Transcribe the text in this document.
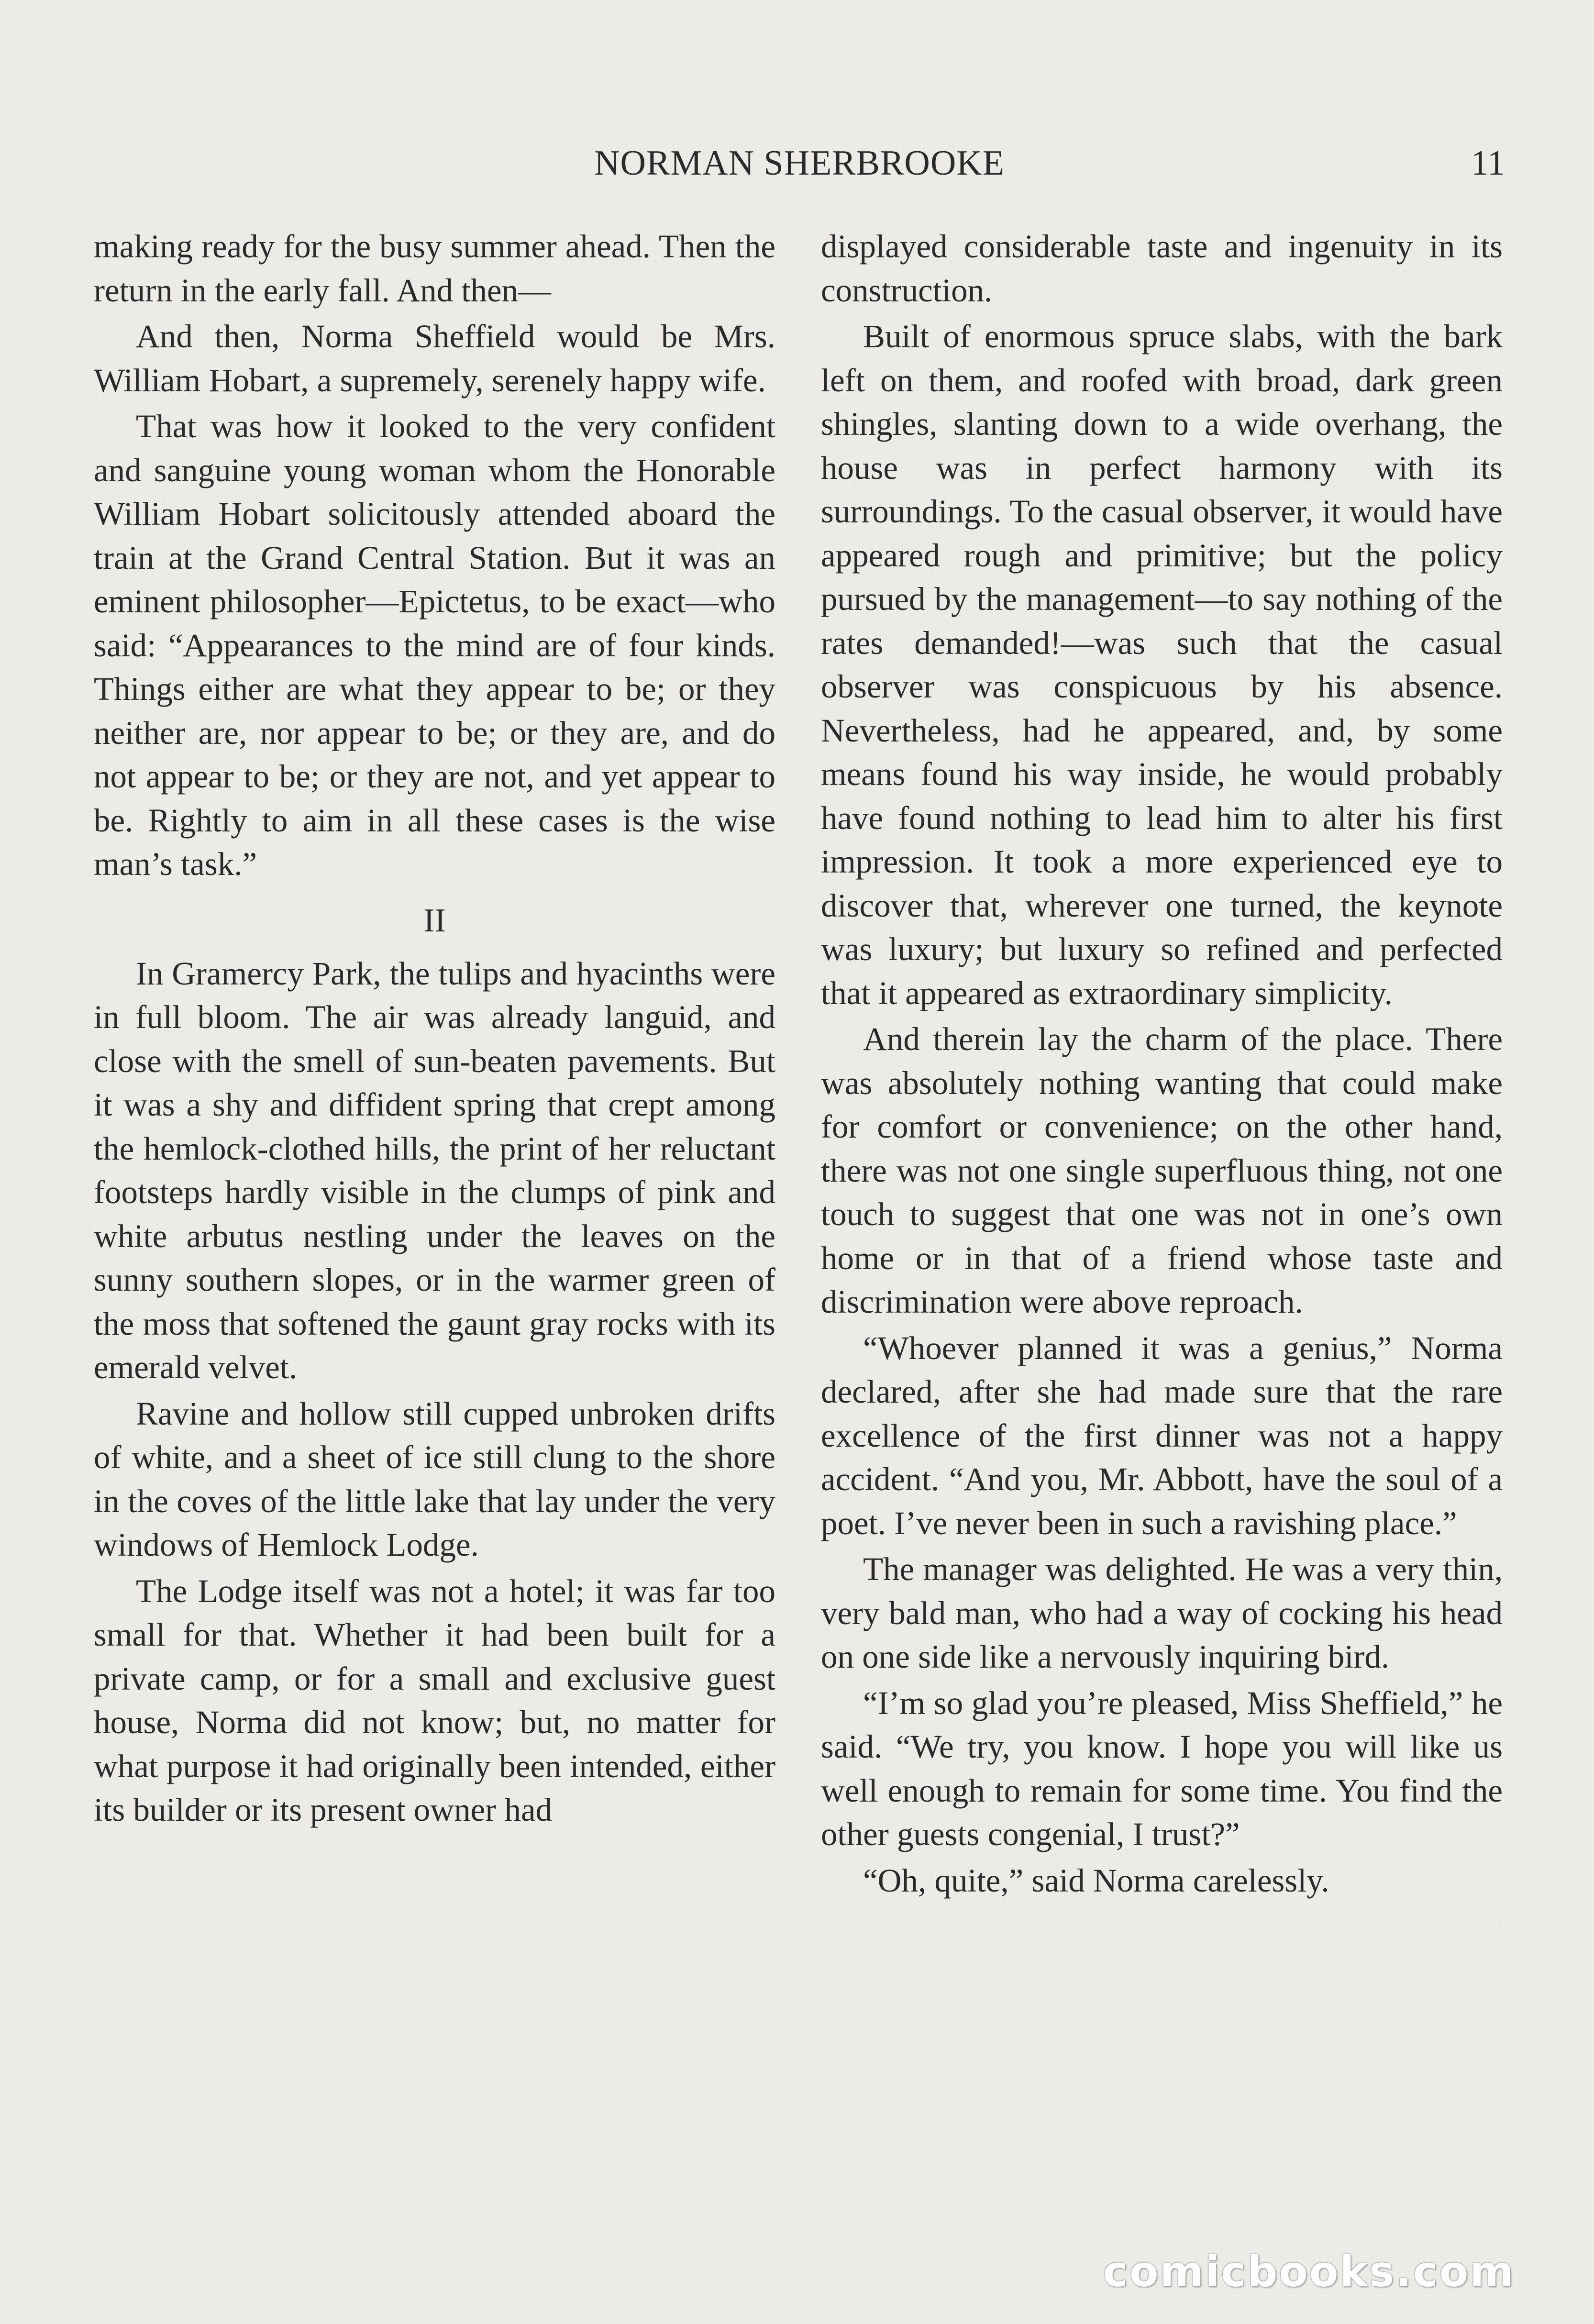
NORMAN SHERBROOKE	11

making ready for the busy summer ahead. Then the return in the early fall. And then—

And then, Norma Sheffield would be Mrs. William Hobart, a supremely, serenely happy wife.

That was how it looked to the very confident and sanguine young woman whom the Honorable William Hobart solicitously attended aboard the train at the Grand Central Station. But it was an eminent philosopher—Epictetus, to be exact—who said: “Appearances to the mind are of four kinds. Things either are what they appear to be; or they neither are, nor appear to be; or they are, and do not appear to be; or they are not, and yet appear to be. Rightly to aim in all these cases is the wise man’s task.”

II

In Gramercy Park, the tulips and hyacinths were in full bloom. The air was already languid, and close with the smell of sun-beaten pavements. But it was a shy and diffident spring that crept among the hemlock-clothed hills, the print of her reluctant footsteps hardly visible in the clumps of pink and white arbutus nestling under the leaves on the sunny southern slopes, or in the warmer green of the moss that softened the gaunt gray rocks with its emerald velvet.

Ravine and hollow still cupped unbroken drifts of white, and a sheet of ice still clung to the shore in the coves of the little lake that lay under the very windows of Hemlock Lodge.

The Lodge itself was not a hotel; it was far too small for that. Whether it had been built for a private camp, or for a small and exclusive guest house, Norma did not know; but, no matter for what purpose it had originally been intended, either its builder or its present owner had

displayed considerable taste and ingenuity in its construction.

Built of enormous spruce slabs, with the bark left on them, and roofed with broad, dark green shingles, slanting down to a wide overhang, the house was in perfect harmony with its surroundings. To the casual observer, it would have appeared rough and primitive; but the policy pursued by the management—to say nothing of the rates demanded!—was such that the casual observer was conspicuous by his absence. Nevertheless, had he appeared, and, by some means found his way inside, he would probably have found nothing to lead him to alter his first impression. It took a more experienced eye to discover that, wherever one turned, the keynote was luxury; but luxury so refined and perfected that it appeared as extraordinary simplicity.

And therein lay the charm of the place. There was absolutely nothing wanting that could make for comfort or convenience; on the other hand, there was not one single superfluous thing, not one touch to suggest that one was not in one’s own home or in that of a friend whose taste and discrimination were above reproach.

“Whoever planned it was a genius,” Norma declared, after she had made sure that the rare excellence of the first dinner was not a happy accident. “And you, Mr. Abbott, have the soul of a poet. I’ve never been in such a ravishing place.”

The manager was delighted. He was a very thin, very bald man, who had a way of cocking his head on one side like a nervously inquiring bird.

“I’m so glad you’re pleased, Miss Sheffield,” he said. “We try, you know. I hope you will like us well enough to remain for some time. You find the other guests congenial, I trust?”

“Oh, quite,” said Norma carelessly.

comicbooks.com
